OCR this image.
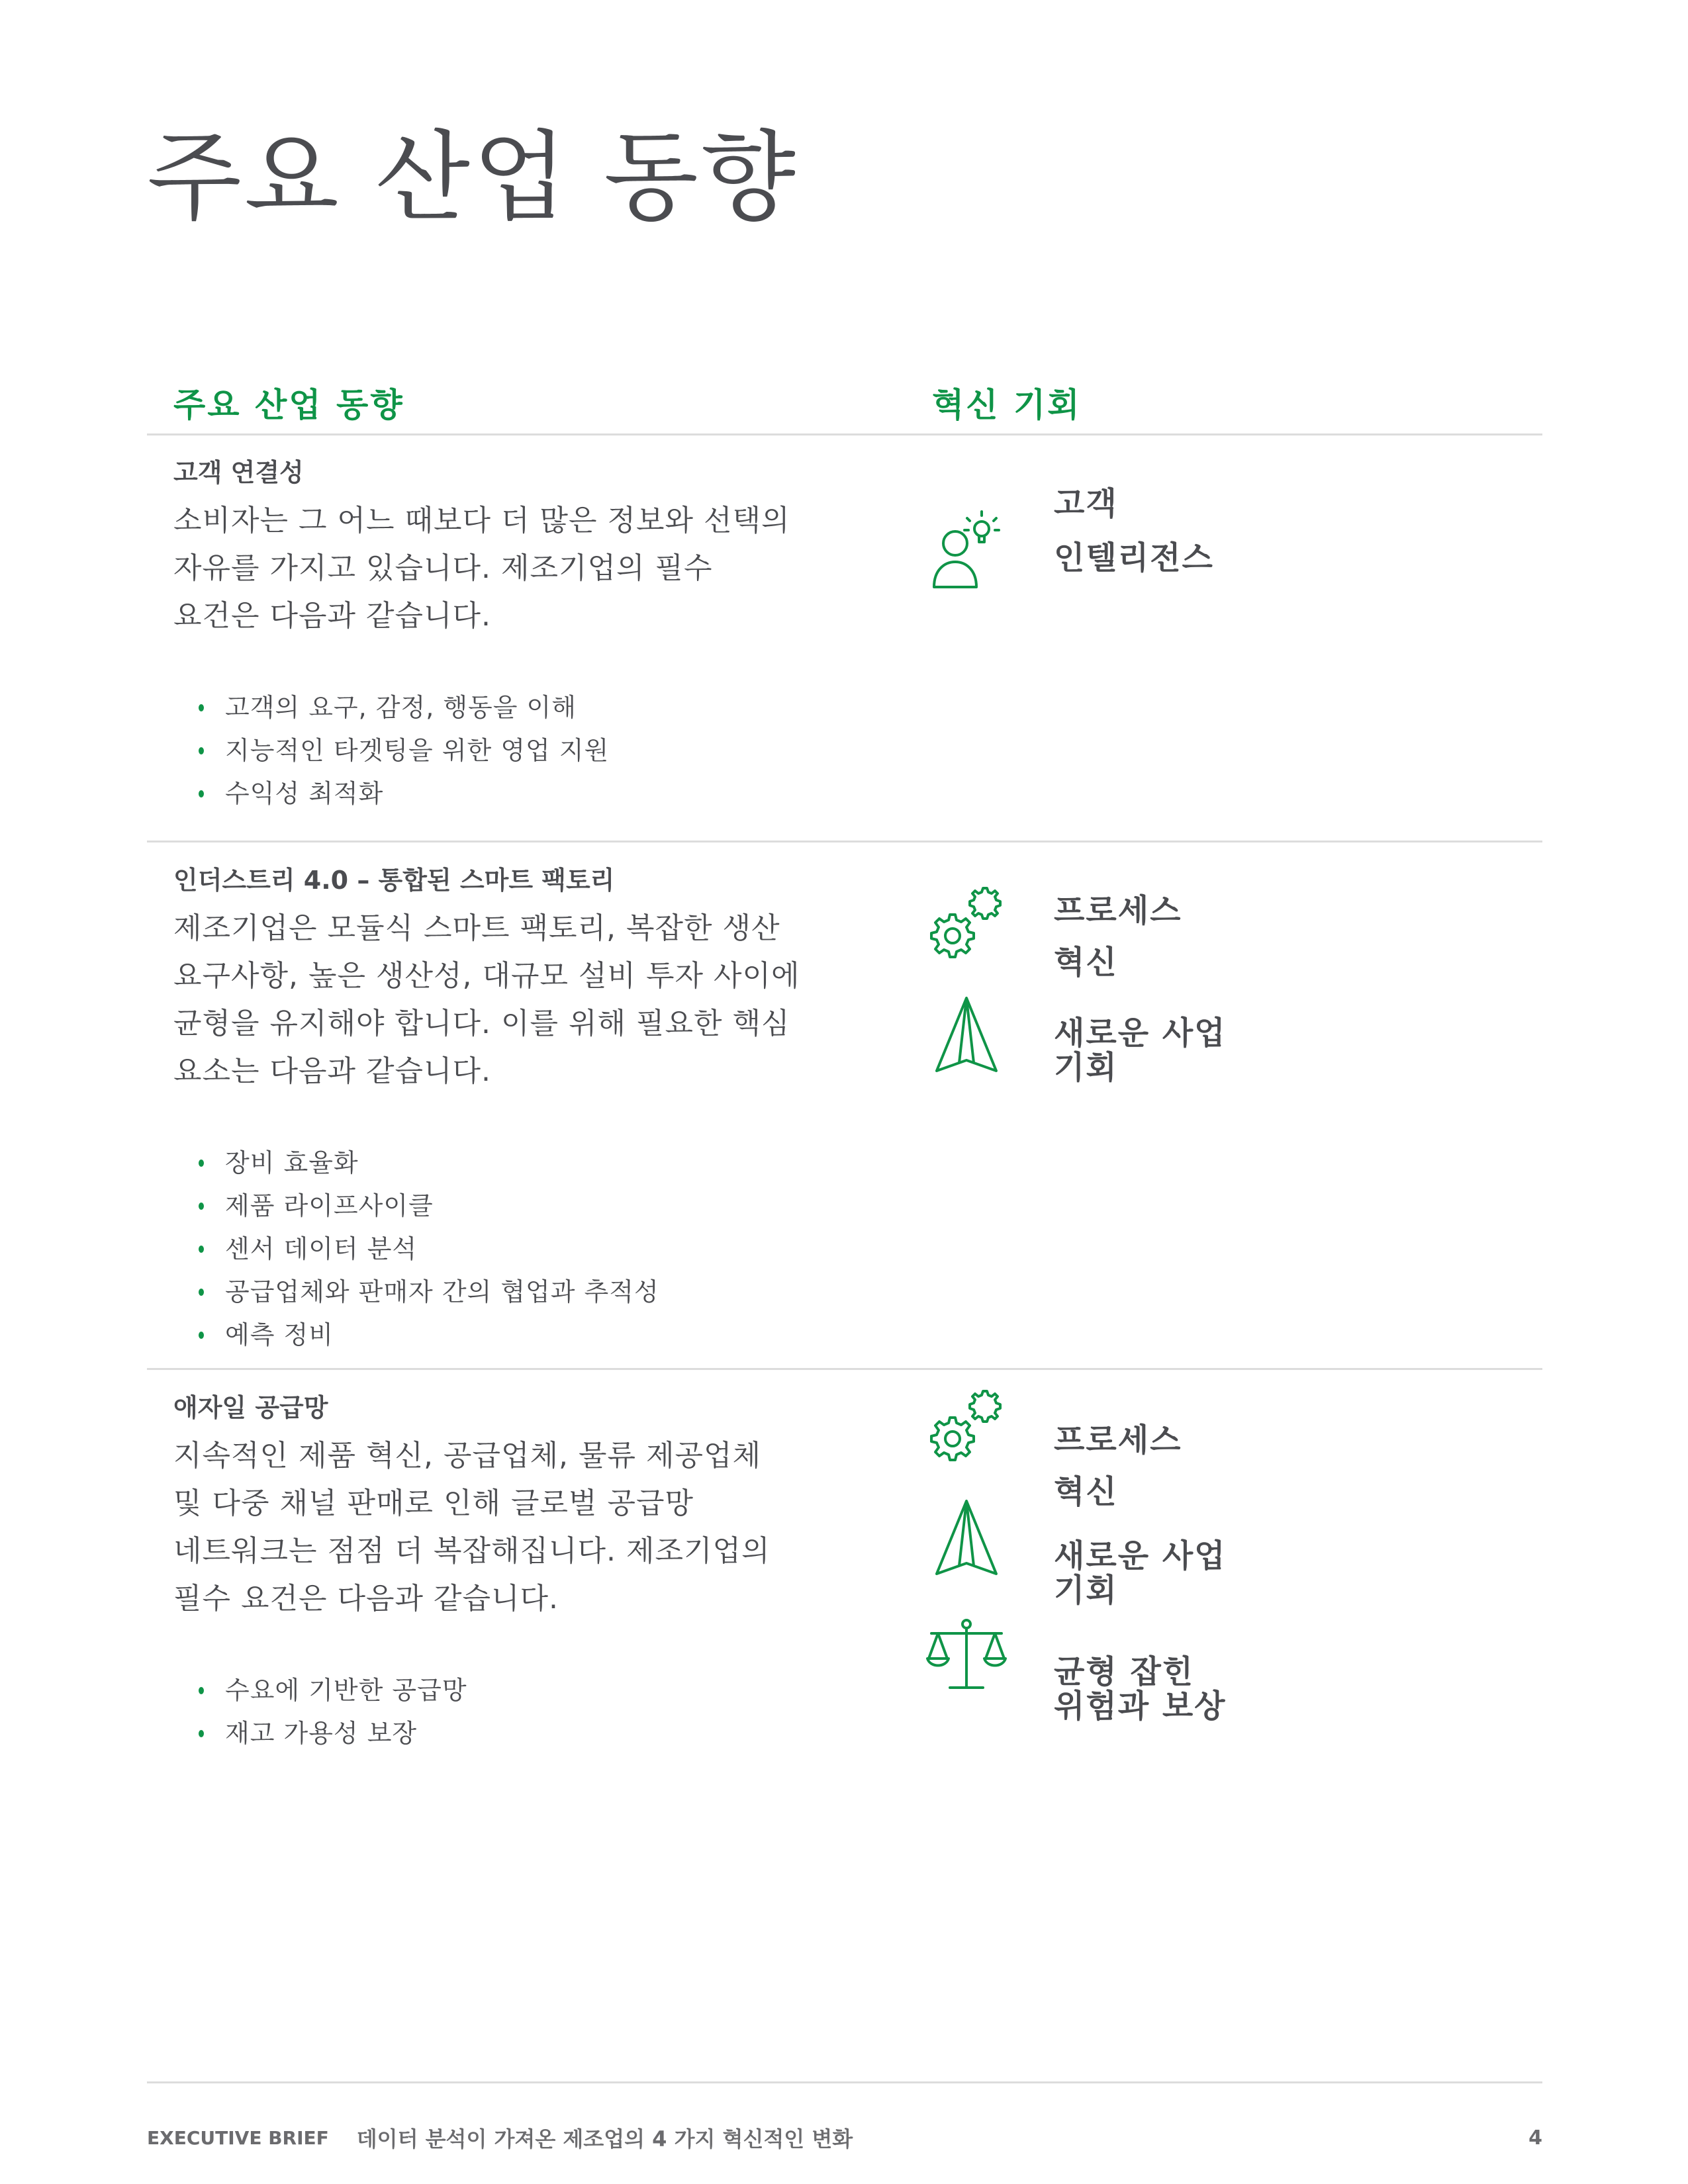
주요 산업 동향
주요 산업 동향	혁신 기회

고객 연결성

소비자는 그 어느 때보다 더 많은 정보와 선택의
자유를 가지고 있습니다. 제조기업의 필수
요건은 다음과 같습니다.

고객의 요구, 감정, 행동을 이해
지능적인 타겟팅을 위한 영업 지원
수익성 최적화
고객
인텔리전스

인더스트리 4.0 – 통합된 스마트 팩토리

제조기업은 모듈식 스마트 팩토리, 복잡한 생산
요구사항, 높은 생산성, 대규모 설비 투자 사이에
균형을 유지해야 합니다. 이를 위해 필요한 핵심
요소는 다음과 같습니다.

장비 효율화
제품 라이프사이클
센서 데이터 분석
공급업체와 판매자 간의 협업과 추적성
예측 정비
프로세스
혁신
새로운 사업
기회

애자일 공급망

지속적인 제품 혁신, 공급업체, 물류 제공업체
및 다중 채널 판매로 인해 글로벌 공급망
네트워크는 점점 더 복잡해집니다. 제조기업의
필수 요건은 다음과 같습니다.

수요에 기반한 공급망
재고 가용성 보장
프로세스
혁신
새로운 사업
기회
균형 잡힌
위험과 보상
EXECUTIVE BRIEF 데이터 분석이 가져온 제조업의 4 가지 혁신적인 변화	4
